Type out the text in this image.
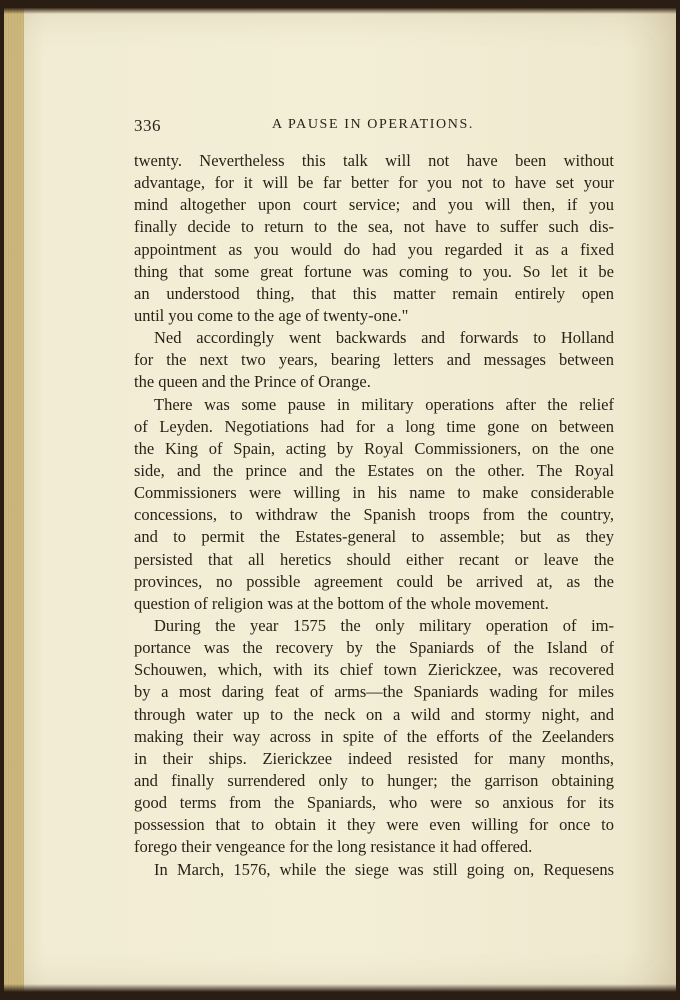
336	A PAUSE IN OPERATIONS.
twenty. Nevertheless this talk will not have been without
advantage, for it will be far better for you not to have set your
mind altogether upon court service; and you will then, if you
finally decide to return to the sea, not have to suffer such dis-
appointment as you would do had you regarded it as a fixed
thing that some great fortune was coming to you. So let it be
an understood thing, that this matter remain entirely open
until you come to the age of twenty-one."
Ned accordingly went backwards and forwards to Holland
for the next two years, bearing letters and messages between
the queen and the Prince of Orange.
There was some pause in military operations after the relief
of Leyden. Negotiations had for a long time gone on between
the King of Spain, acting by Royal Commissioners, on the one
side, and the prince and the Estates on the other. The Royal
Commissioners were willing in his name to make considerable
concessions, to withdraw the Spanish troops from the country,
and to permit the Estates-general to assemble; but as they
persisted that all heretics should either recant or leave the
provinces, no possible agreement could be arrived at, as the
question of religion was at the bottom of the whole movement.
During the year 1575 the only military operation of im-
portance was the recovery by the Spaniards of the Island of
Schouwen, which, with its chief town Zierickzee, was recovered
by a most daring feat of arms—the Spaniards wading for miles
through water up to the neck on a wild and stormy night, and
making their way across in spite of the efforts of the Zeelanders
in their ships. Zierickzee indeed resisted for many months,
and finally surrendered only to hunger; the garrison obtaining
good terms from the Spaniards, who were so anxious for its
possession that to obtain it they were even willing for once to
forego their vengeance for the long resistance it had offered.
In March, 1576, while the siege was still going on, Requesens
